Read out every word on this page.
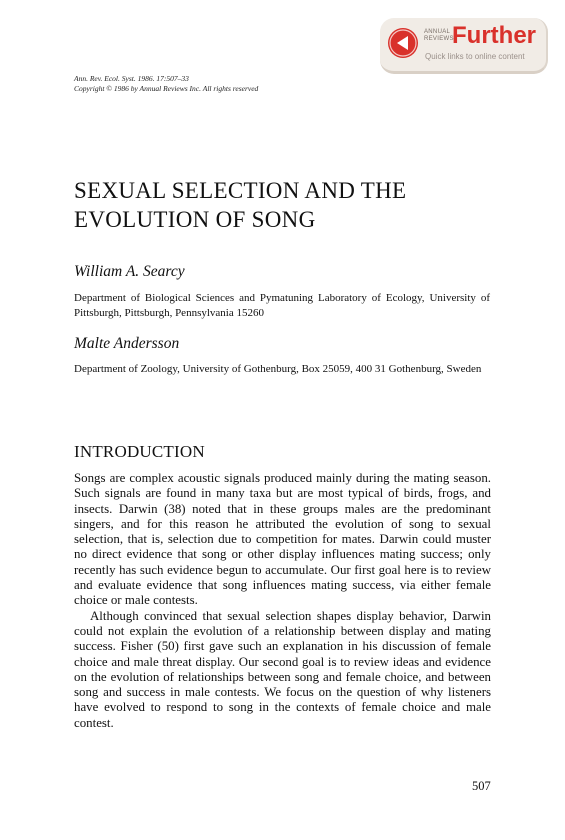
ANNUAL
REVIEWS
Further
Quick links to online content
Ann. Rev. Ecol. Syst. 1986. 17:507–33
Copyright © 1986 by Annual Reviews Inc. All rights reserved
SEXUAL SELECTION AND THE
EVOLUTION OF SONG
William A. Searcy
Department of Biological Sciences and Pymatuning Laboratory of Ecology, University of Pittsburgh, Pittsburgh, Pennsylvania 15260
Malte Andersson
Department of Zoology, University of Gothenburg, Box 25059, 400 31 Gothenburg, Sweden
INTRODUCTION

Songs are complex acoustic signals produced mainly during the mating season. Such signals are found in many taxa but are most typical of birds, frogs, and insects. Darwin (38) noted that in these groups males are the predominant singers, and for this reason he attributed the evolution of song to sexual selection, that is, selection due to competition for mates. Darwin could muster no direct evidence that song or other display influences mating success; only recently has such evidence begun to accumulate. Our first goal here is to review and evaluate evidence that song influences mating success, via either female choice or male contests.

Although convinced that sexual selection shapes display behavior, Darwin could not explain the evolution of a relationship between display and mating success. Fisher (50) first gave such an explanation in his discussion of female choice and male threat display. Our second goal is to review ideas and evidence on the evolution of relationships between song and female choice, and between song and success in male contests. We focus on the question of why listeners have evolved to respond to song in the contexts of female choice and male contest.

507
